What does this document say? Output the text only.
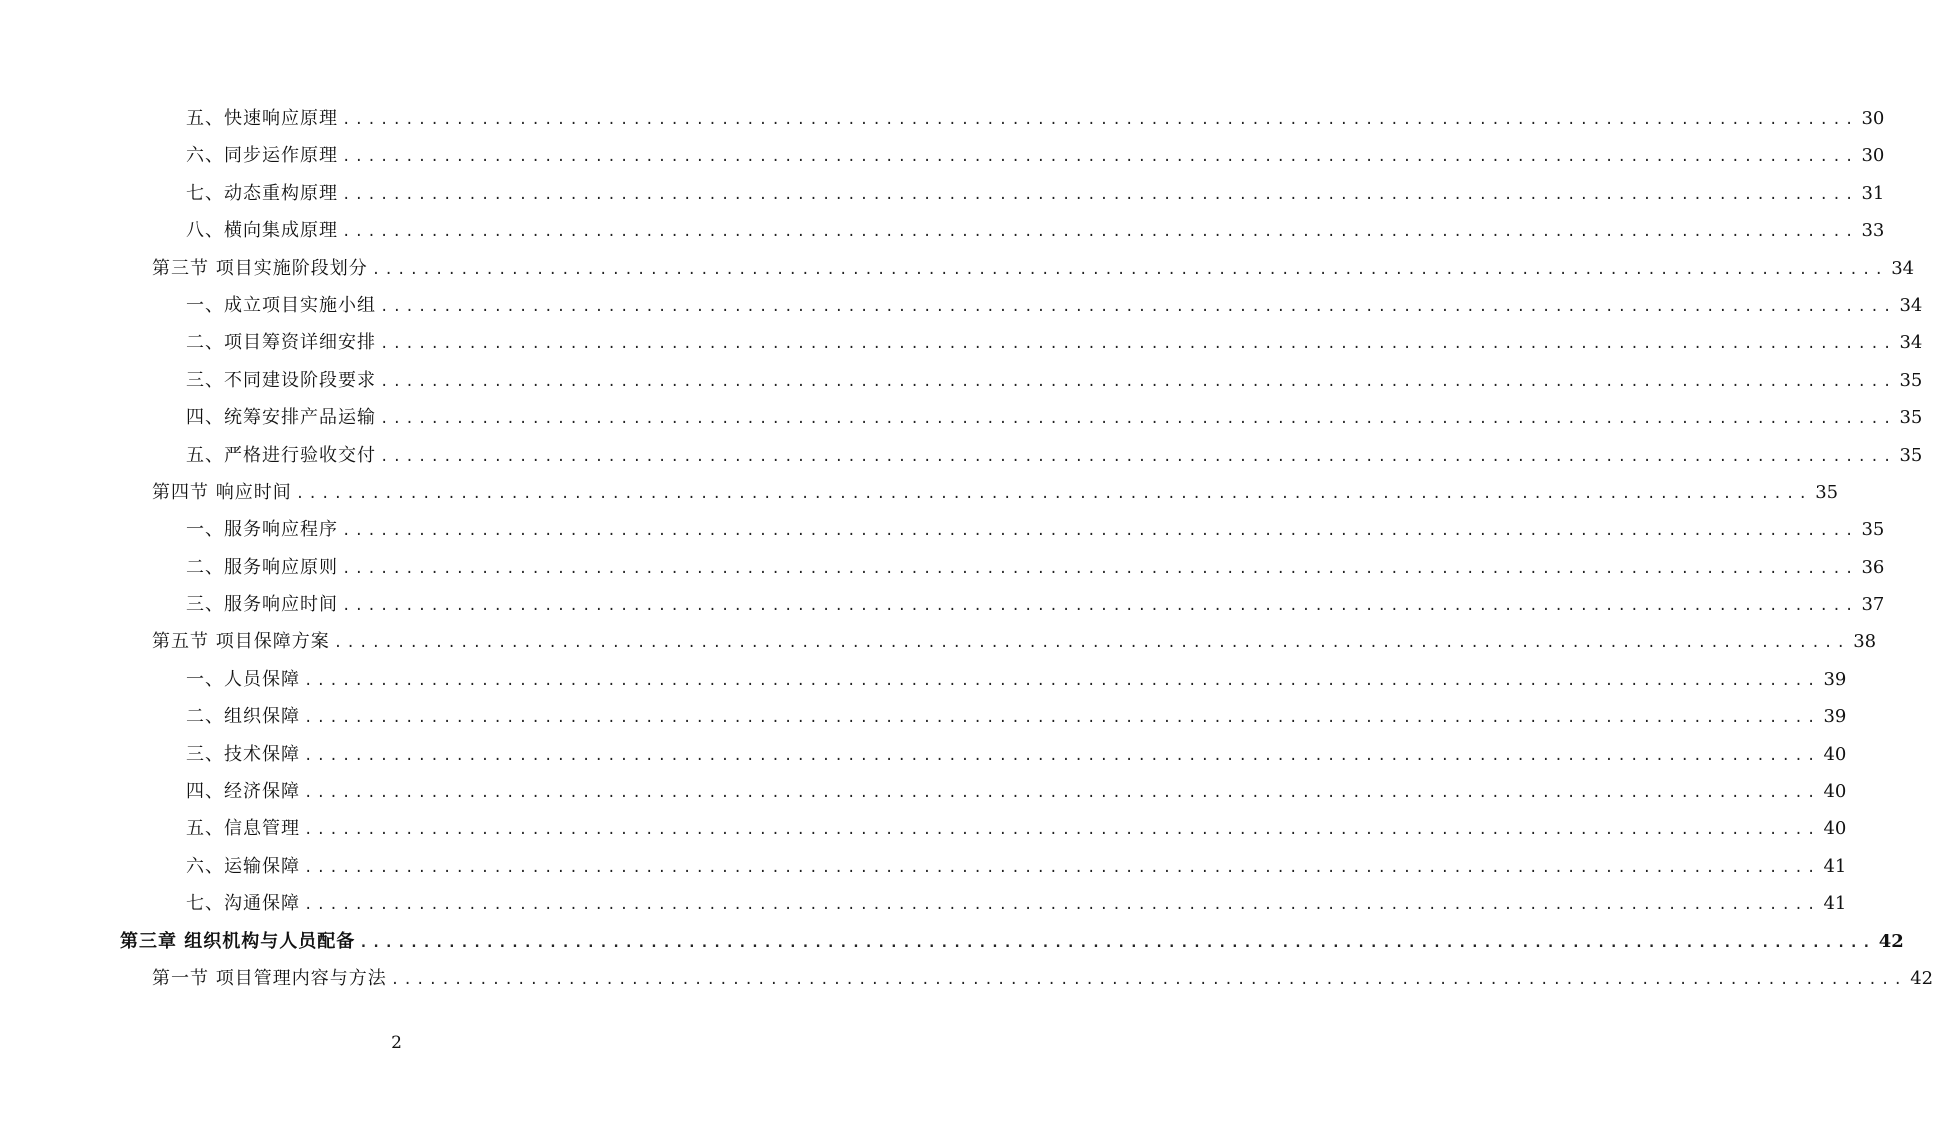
五、快速响应原理 ........................................................................................................................ 30
六、同步运作原理 ........................................................................................................................ 30
七、动态重构原理 ........................................................................................................................ 31
八、横向集成原理 ........................................................................................................................ 33
第三节 项目实施阶段划分 ........................................................................................................................ 34
一、成立项目实施小组 ........................................................................................................................ 34
二、项目筹资详细安排 ........................................................................................................................ 34
三、不同建设阶段要求 ........................................................................................................................ 35
四、统筹安排产品运输 ........................................................................................................................ 35
五、严格进行验收交付 ........................................................................................................................ 35
第四节 响应时间 ........................................................................................................................ 35
一、服务响应程序 ........................................................................................................................ 35
二、服务响应原则 ........................................................................................................................ 36
三、服务响应时间 ........................................................................................................................ 37
第五节 项目保障方案 ........................................................................................................................ 38
一、人员保障 ........................................................................................................................ 39
二、组织保障 ........................................................................................................................ 39
三、技术保障 ........................................................................................................................ 40
四、经济保障 ........................................................................................................................ 40
五、信息管理 ........................................................................................................................ 40
六、运输保障 ........................................................................................................................ 41
七、沟通保障 ........................................................................................................................ 41
第三章 组织机构与人员配备 ........................................................................................................................ 42
第一节 项目管理内容与方法 ........................................................................................................................ 42
2
